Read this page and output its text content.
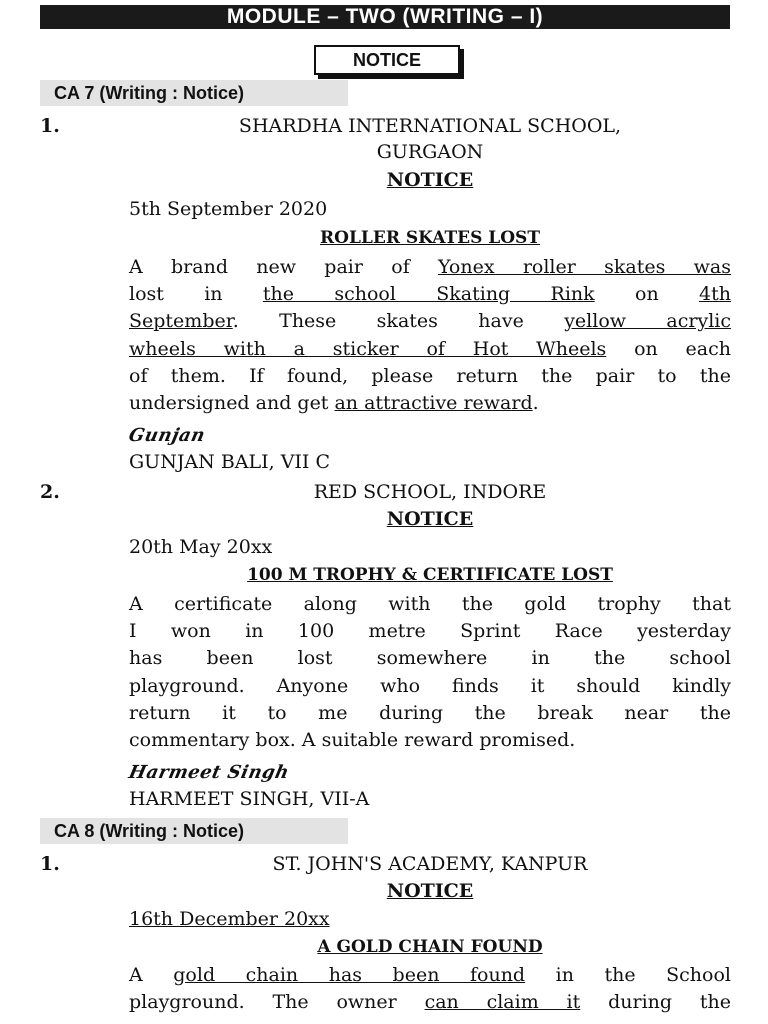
MODULE – TWO (WRITING – I)
NOTICE
CA 7 (Writing : Notice)
1.	SHARDHA INTERNATIONAL SCHOOL,
GURGAON
NOTICE
5th September 2020
ROLLER SKATES LOST
A brand new pair of Yonex roller skates was
lost in the school Skating Rink on 4th
September. These skates have yellow acrylic
wheels with a sticker of Hot Wheels on each
of them. If found, please return the pair to the
undersigned and get an attractive reward.
Gunjan
GUNJAN BALI, VII C
2.	RED SCHOOL, INDORE
NOTICE
20th May 20xx
100 M TROPHY & CERTIFICATE LOST
A certificate along with the gold trophy that
I won in 100 metre Sprint Race yesterday
has been lost somewhere in the school
playground. Anyone who finds it should kindly
return it to me during the break near the
commentary box. A suitable reward promised.
Harmeet Singh
HARMEET SINGH, VII-A
CA 8 (Writing : Notice)
1.	ST. JOHN'S ACADEMY, KANPUR
NOTICE
16th December 20xx
A GOLD CHAIN FOUND
A gold chain has been found in the School
playground. The owner can claim it during the
